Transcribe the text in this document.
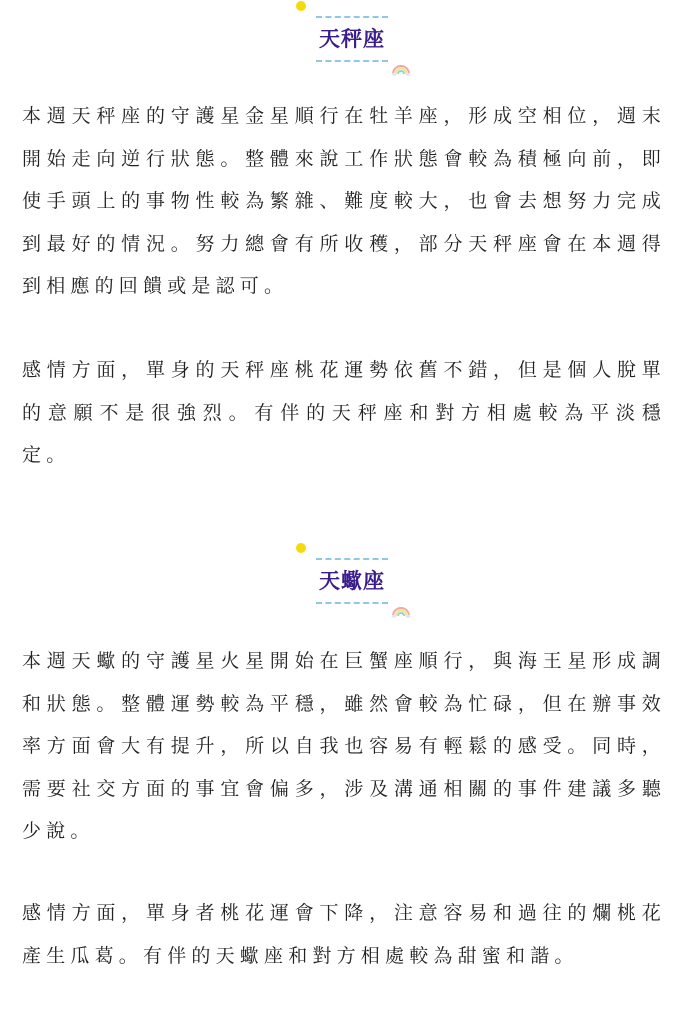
天秤座

本週天秤座的守護星金星順行在牡羊座，形成空相位，週末開始走向逆行狀態。整體來說工作狀態會較為積極向前，即使手頭上的事物性較為繁雜、難度較大，也會去想努力完成到最好的情況。努力總會有所收穫，部分天秤座會在本週得到相應的回饋或是認可。

感情方面，單身的天秤座桃花運勢依舊不錯，但是個人脫單的意願不是很強烈。有伴的天秤座和對方相處較為平淡穩定。

天蠍座

本週天蠍的守護星火星開始在巨蟹座順行，與海王星形成調和狀態。整體運勢較為平穩，雖然會較為忙碌，但在辦事效率方面會大有提升，所以自我也容易有輕鬆的感受。同時，需要社交方面的事宜會偏多，涉及溝通相關的事件建議多聽少說。

感情方面，單身者桃花運會下降，注意容易和過往的爛桃花產生瓜葛。有伴的天蠍座和對方相處較為甜蜜和諧。
